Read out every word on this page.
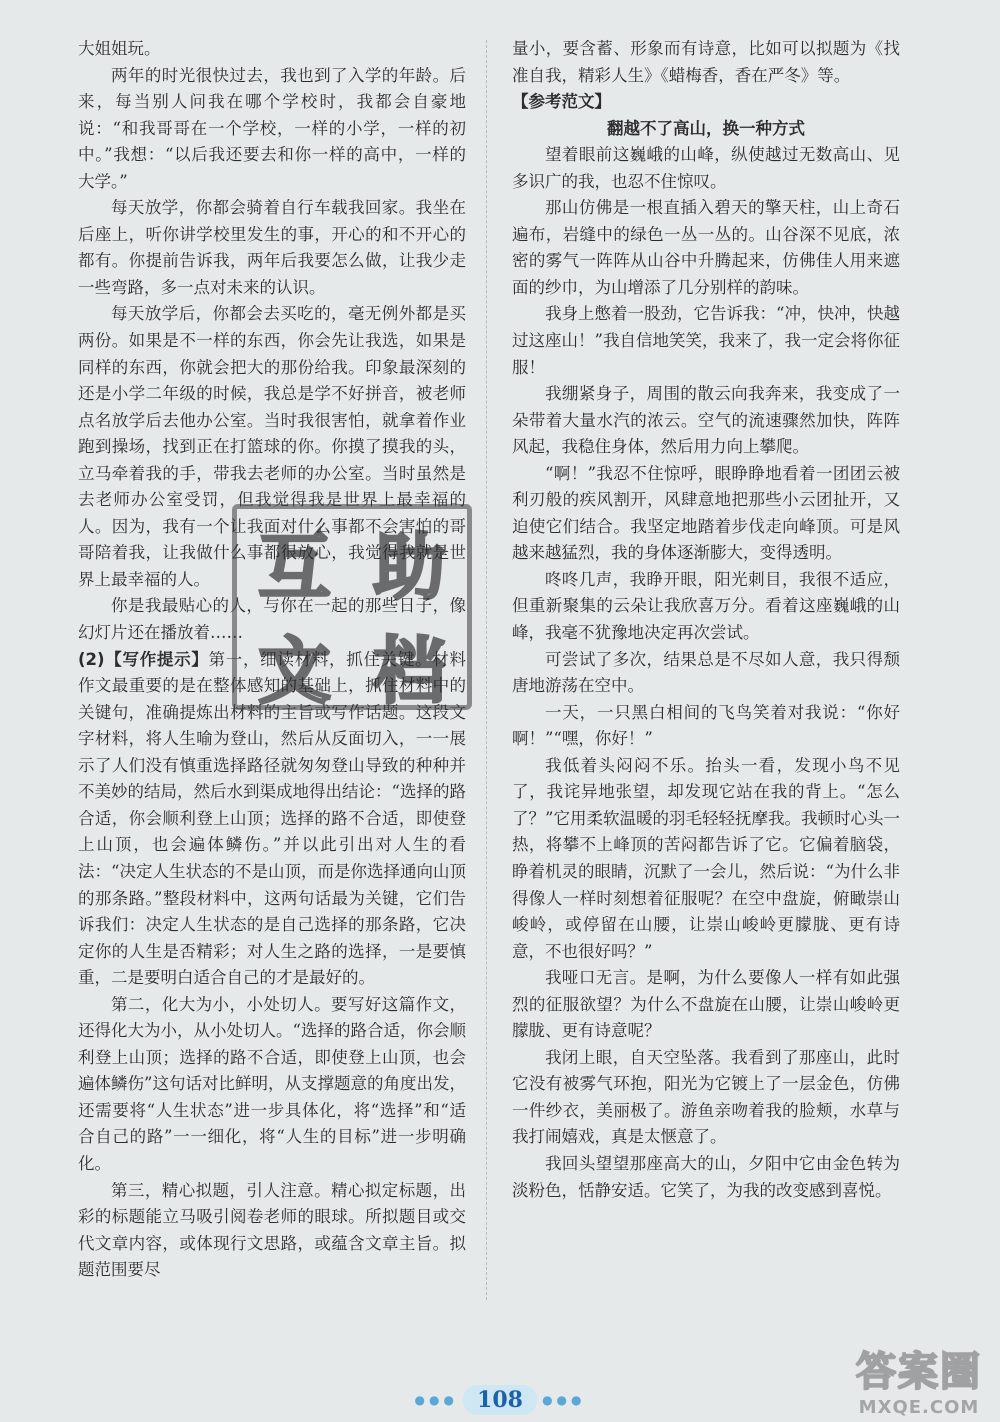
大姐姐玩。

两年的时光很快过去，我也到了入学的年龄。后来，每当别人问我在哪个学校时，我都会自豪地说：“和我哥哥在一个学校，一样的小学，一样的初中。”我想：“以后我还要去和你一样的高中，一样的大学。”

每天放学，你都会骑着自行车载我回家。我坐在后座上，听你讲学校里发生的事，开心的和不开心的都有。你提前告诉我，两年后我要怎么做，让我少走一些弯路，多一点对未来的认识。

每天放学后，你都会去买吃的，毫无例外都是买两份。如果是不一样的东西，你会先让我选，如果是同样的东西，你就会把大的那份给我。印象最深刻的还是小学二年级的时候，我总是学不好拼音，被老师点名放学后去他办公室。当时我很害怕，就拿着作业跑到操场，找到正在打篮球的你。你摸了摸我的头，立马牵着我的手，带我去老师的办公室。当时虽然是去老师办公室受罚，但我觉得我是世界上最幸福的人。因为，我有一个让我面对什么事都不会害怕的哥哥陪着我，让我做什么事都很放心，我觉得我就是世界上最幸福的人。

你是我最贴心的人，与你在一起的那些日子，像幻灯片还在播放着……

(2)【写作提示】第一，细读材料，抓住关键。材料作文最重要的是在整体感知的基础上，抓住材料中的关键句，准确提炼出材料的主旨或写作话题。这段文字材料，将人生喻为登山，然后从反面切入，一一展示了人们没有慎重选择路径就匆匆登山导致的种种并不美妙的结局，然后水到渠成地得出结论：“选择的路合适，你会顺利登上山顶；选择的路不合适，即使登上山顶，也会遍体鳞伤。”并以此引出对人生的看法：“决定人生状态的不是山顶，而是你选择通向山顶的那条路。”整段材料中，这两句话最为关键，它们告诉我们：决定人生状态的是自己选择的那条路，它决定你的人生是否精彩；对人生之路的选择，一是要慎重，二是要明白适合自己的才是最好的。

第二，化大为小，小处切人。要写好这篇作文，还得化大为小，从小处切人。“选择的路合适，你会顺利登上山顶；选择的路不合适，即使登上山顶，也会遍体鳞伤”这句话对比鲜明，从支撑题意的角度出发，还需要将“人生状态”进一步具体化，将“选择”和“适合自己的路”一一细化，将“人生的目标”进一步明确化。

第三，精心拟题，引人注意。精心拟定标题，出彩的标题能立马吸引阅卷老师的眼球。所拟题目或交代文章内容，或体现行文思路，或蕴含文章主旨。拟题范围要尽

量小，要含蓄、形象而有诗意，比如可以拟题为《找准自我，精彩人生》《蜡梅香，香在严冬》等。

【参考范文】

翻越不了高山，换一种方式

望着眼前这巍峨的山峰，纵使越过无数高山、见多识广的我，也忍不住惊叹。

那山仿佛是一根直插入碧天的擎天柱，山上奇石遍布，岩缝中的绿色一丛一丛的。山谷深不见底，浓密的雾气一阵阵从山谷中升腾起来，仿佛佳人用来遮面的纱巾，为山增添了几分别样的韵味。

我身上憋着一股劲，它告诉我：“冲，快冲，快越过这座山！”我自信地笑笑，我来了，我一定会将你征服！

我绷紧身子，周围的散云向我奔来，我变成了一朵带着大量水汽的浓云。空气的流速骤然加快，阵阵风起，我稳住身体，然后用力向上攀爬。

“啊！”我忍不住惊呼，眼睁睁地看着一团团云被利刃般的疾风割开，风肆意地把那些小云团扯开，又迫使它们结合。我坚定地踏着步伐走向峰顶。可是风越来越猛烈，我的身体逐渐膨大，变得透明。

咚咚几声，我睁开眼，阳光刺目，我很不适应，但重新聚集的云朵让我欣喜万分。看着这座巍峨的山峰，我毫不犹豫地决定再次尝试。

可尝试了多次，结果总是不尽如人意，我只得颓唐地游荡在空中。

一天，一只黑白相间的飞鸟笑着对我说：“你好啊！”“嘿，你好！”

我低着头闷闷不乐。抬头一看，发现小鸟不见了，我诧异地张望，却发现它站在我的背上。“怎么了？”它用柔软温暖的羽毛轻轻抚摩我。我顿时心头一热，将攀不上峰顶的苦闷都告诉了它。它偏着脑袋，睁着机灵的眼睛，沉默了一会儿，然后说：“为什么非得像人一样时刻想着征服呢？在空中盘旋，俯瞰崇山峻岭，或停留在山腰，让崇山峻岭更朦胧、更有诗意，不也很好吗？”

我哑口无言。是啊，为什么要像人一样有如此强烈的征服欲望？为什么不盘旋在山腰，让崇山峻岭更朦胧、更有诗意呢？

我闭上眼，自天空坠落。我看到了那座山，此时它没有被雾气环抱，阳光为它镀上了一层金色，仿佛一件纱衣，美丽极了。游鱼亲吻着我的脸颊，水草与我打闹嬉戏，真是太惬意了。

我回头望望那座高大的山，夕阳中它由金色转为淡粉色，恬静安适。它笑了，为我的改变感到喜悦。

互 助
文 档
●●● 108 ●●●
答案圈
MXQE.COM
